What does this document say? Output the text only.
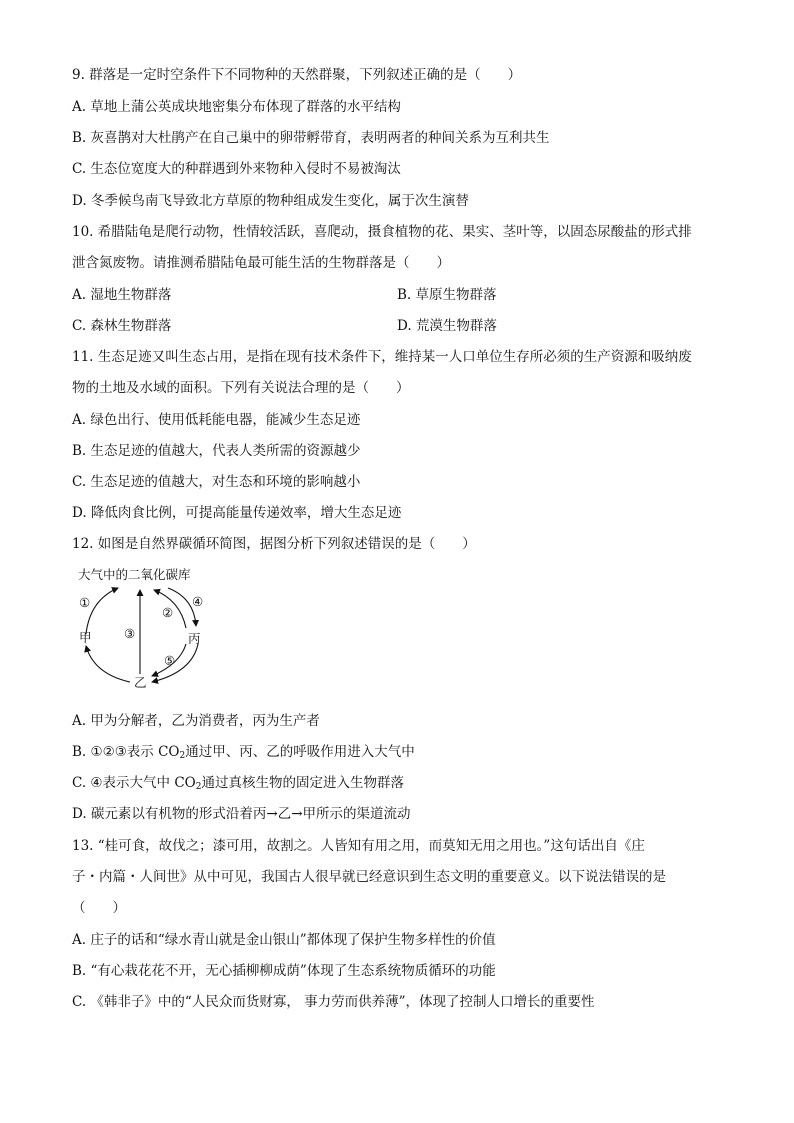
9. 群落是一定时空条件下不同物种的天然群聚，下列叙述正确的是（　　）
A. 草地上蒲公英成块地密集分布体现了群落的水平结构
B. 灰喜鹊对大杜鹃产在自己巢中的卵带孵带育，表明两者的种间关系为互利共生
C. 生态位宽度大的种群遇到外来物种入侵时不易被淘汰
D. 冬季候鸟南飞导致北方草原的物种组成发生变化，属于次生演替
10. 希腊陆龟是爬行动物，性情较活跃，喜爬动，摄食植物的花、果实、茎叶等，以固态尿酸盐的形式排
泄含氮废物。请推测希腊陆龟最可能生活的生物群落是（　　）
A. 湿地生物群落	B. 草原生物群落
C. 森林生物群落	D. 荒漠生物群落
11. 生态足迹又叫生态占用，是指在现有技术条件下，维持某一人口单位生存所必须的生产资源和吸纳废
物的土地及水域的面积。下列有关说法合理的是（　　）
A. 绿色出行、使用低耗能电器，能减少生态足迹
B. 生态足迹的值越大，代表人类所需的资源越少
C. 生态足迹的值越大，对生态和环境的影响越小
D. 降低肉食比例，可提高能量传递效率，增大生态足迹
12. 如图是自然界碳循环简图，据图分析下列叙述错误的是（　　）
大气中的二氧化碳库
①
②
③
④
⑤
甲	丙
乙
A. 甲为分解者，乙为消费者，丙为生产者
B. ①②③表示 $CO_2$通过甲、丙、乙的呼吸作用进入大气中
C. ④表示大气中 $CO_2$通过真核生物的固定进入生物群落
D. 碳元素以有机物的形式沿着丙→乙→甲所示的渠道流动
13. “桂可食，故伐之；漆可用，故割之。人皆知有用之用，而莫知无用之用也。”这句话出自《庄
子・内篇・人间世》从中可见，我国古人很早就已经意识到生态文明的重要意义。以下说法错误的是
（　　）
A. 庄子的话和“绿水青山就是金山银山”都体现了保护生物多样性的价值
B. “有心栽花花不开，无心插柳柳成荫”体现了生态系统物质循环的功能
C. 《韩非子》中的“人民众而货财寡， 事力劳而供养薄”，体现了控制人口增长的重要性
